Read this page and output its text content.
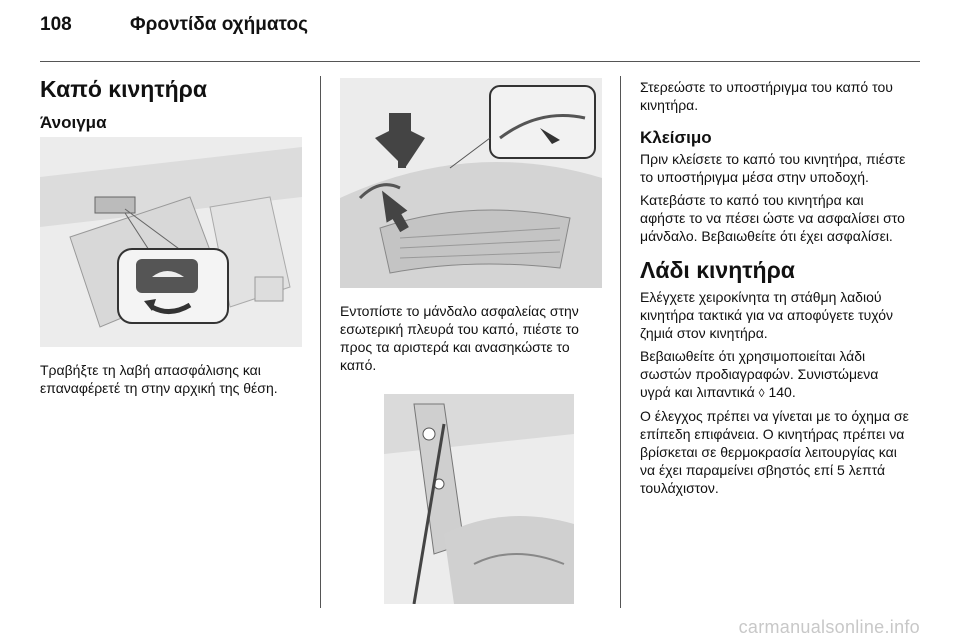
108	Φροντίδα οχήματος
Καπό κινητήρα
Άνοιγμα

Τραβήξτε τη λαβή απασφάλισης και επαναφέρετέ τη στην αρχική της θέση.

Εντοπίστε το μάνδαλο ασφαλείας στην εσωτερική πλευρά του καπό, πιέστε το προς τα αριστερά και ανασηκώστε το καπό.

Στερεώστε το υποστήριγμα του καπό του κινητήρα.

Κλείσιμο

Πριν κλείσετε το καπό του κινητήρα, πιέστε το υποστήριγμα μέσα στην υποδοχή.

Κατεβάστε το καπό του κινητήρα και αφήστε το να πέσει ώστε να ασφαλίσει στο μάνδαλο. Βεβαιωθείτε ότι έχει ασφαλίσει.

Λάδι κινητήρα

Ελέγχετε χειροκίνητα τη στάθμη λαδιού κινητήρα τακτικά για να αποφύγετε τυχόν ζημιά στον κινητήρα.

Βεβαιωθείτε ότι χρησιμοποιείται λάδι σωστών προδιαγραφών. Συνιστώμενα υγρά και λιπαντικά ◊ 140.

Ο έλεγχος πρέπει να γίνεται με το όχημα σε επίπεδη επιφάνεια. Ο κινητήρας πρέπει να βρίσκεται σε θερμοκρασία λειτουργίας και να έχει παραμείνει σβηστός επί 5 λεπτά τουλάχιστον.

carmanualsonline.info
